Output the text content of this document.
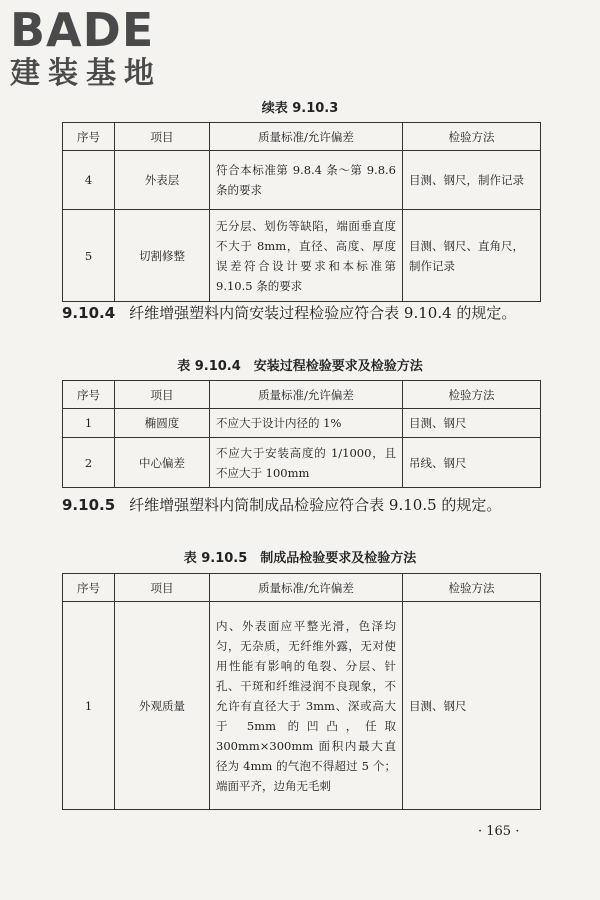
BADE
建装基地
续表 9.10.3
序号	项目	质量标准/允许偏差	检验方法
4	外表层	符合本标准第 9.8.4 条～第 9.8.6 条的要求	目测、钢尺，制作记录
5	切割修整	无分层、划伤等缺陷，端面垂直度不大于 8mm，直径、高度、厚度误差符合设计要求和本标准第 9.10.5 条的要求	目测、钢尺、直角尺，制作记录
9.10.4 纤维增强塑料内筒安装过程检验应符合表 9.10.4 的规定。
表 9.10.4　安装过程检验要求及检验方法
序号	项目	质量标准/允许偏差	检验方法
1	椭圆度	不应大于设计内径的 1%	目测、钢尺
2	中心偏差	不应大于安装高度的 1/1000，且不应大于 100mm	吊线、钢尺
9.10.5 纤维增强塑料内筒制成品检验应符合表 9.10.5 的规定。
表 9.10.5　制成品检验要求及检验方法
序号	项目	质量标准/允许偏差	检验方法
1	外观质量	内、外表面应平整光滑，色泽均匀，无杂质，无纤维外露，无对使用性能有影响的龟裂、分层、针孔、干斑和纤维浸润不良现象，不允许有直径大于 3mm、深或高大于 5mm 的凹凸，任取 300mm×300mm 面积内最大直径为 4mm 的气泡不得超过 5 个；端面平齐，边角无毛刺	目测、钢尺
· 165 ·
